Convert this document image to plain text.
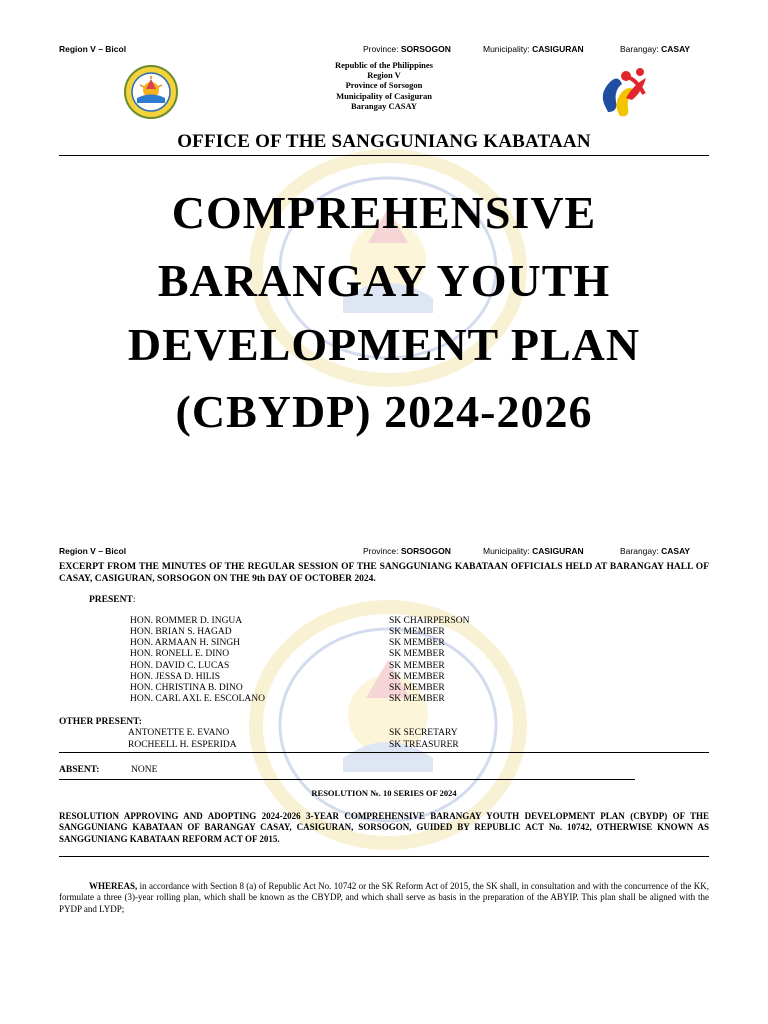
Region V – Bicol	Province: SORSOGON	Municipality: CASIGURAN	Barangay: CASAY
Republic of the Philippines
Region V
Province of Sorsogon
Municipality of Casiguran
Barangay CASAY
OFFICE OF THE SANGGUNIANG KABATAAN
COMPREHENSIVE
BARANGAY YOUTH
DEVELOPMENT PLAN
(CBYDP) 2024-2026
Region V – Bicol	Province: SORSOGON	Municipality: CASIGURAN	Barangay: CASAY
EXCERPT FROM THE MINUTES OF THE REGULAR SESSION OF THE SANGGUNIANG KABATAAN OFFICIALS HELD AT BARANGAY HALL OF CASAY, CASIGURAN, SORSOGON ON THE 9th DAY OF OCTOBER 2024.
PRESENT:
HON. ROMMER D. INGUA	SK CHAIRPERSON
HON. BRIAN S. HAGAD	SK MEMBER
HON. ARMAAN H. SINGH	SK MEMBER
HON. RONELL E. DINO	SK MEMBER
HON. DAVID C. LUCAS	SK MEMBER
HON. JESSA D. HILIS	SK MEMBER
HON. CHRISTINA B. DINO	SK MEMBER
HON. CARL AXL E. ESCOLANO	SK MEMBER
OTHER PRESENT:
ANTONETTE E. EVANO	SK SECRETARY
ROCHEELL H. ESPERIDA	SK TREASURER
ABSENT:	NONE
RESOLUTION №. 10 SERIES OF 2024
RESOLUTION APPROVING AND ADOPTING 2024-2026 3-YEAR COMPREHENSIVE BARANGAY YOUTH DEVELOPMENT PLAN (CBYDP) OF THE SANGGUNIANG KABATAAN OF BARANGAY CASAY, CASIGURAN, SORSOGON, GUIDED BY REPUBLIC ACT No. 10742, OTHERWISE KNOWN AS SANGGUNIANG KABATAAN REFORM ACT OF 2015.
WHEREAS, in accordance with Section 8 (a) of Republic Act No. 10742 or the SK Reform Act of 2015, the SK shall, in consultation and with the concurrence of the KK, formulate a three (3)-year rolling plan, which shall be known as the CBYDP, and which shall serve as basis in the preparation of the ABYIP. This plan shall be aligned with the PYDP and LYDP;
